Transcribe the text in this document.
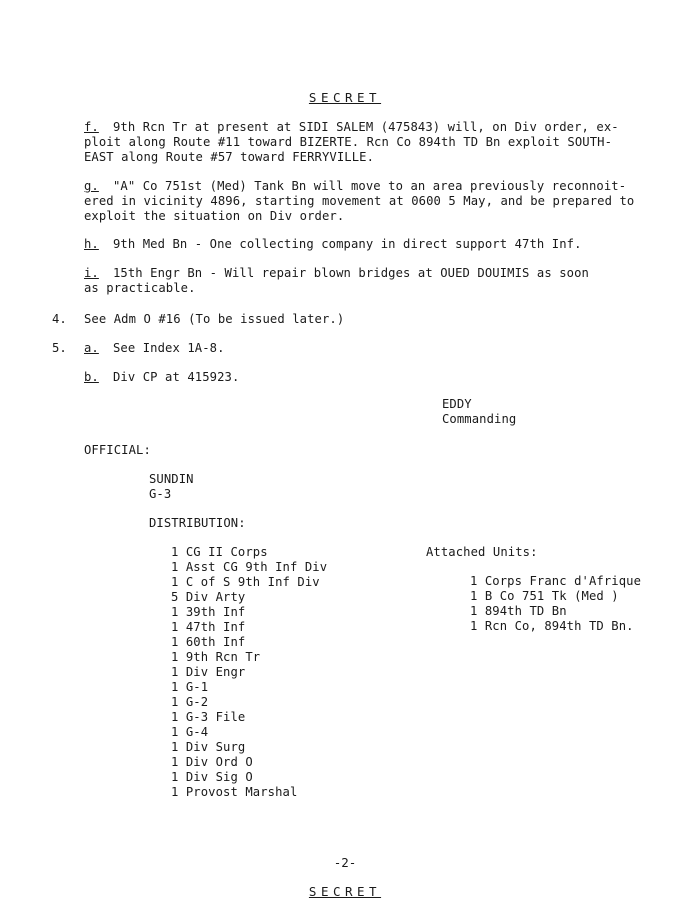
SECRET
f. 9th Rcn Tr at present at SIDI SALEM (475843) will, on Div order, ex-
ploit along Route #11 toward BIZERTE. Rcn Co 894th TD Bn exploit SOUTH-
EAST along Route #57 toward FERRYVILLE.
g. "A" Co 751st (Med) Tank Bn will move to an area previously reconnoit-
ered in vicinity 4896, starting movement at 0600 5 May, and be prepared to
exploit the situation on Div order.
h. 9th Med Bn - One collecting company in direct support 47th Inf.
i. 15th Engr Bn - Will repair blown bridges at OUED DOUIMIS as soon
as practicable.
4. See Adm O #16 (To be issued later.)
5. a. See Index 1A-8.
b. Div CP at 415923.
EDDY
Commanding
OFFICIAL:
SUNDIN
G-3
DISTRIBUTION:
1 CG II Corps
1 Asst CG 9th Inf Div
1 C of S 9th Inf Div
5 Div Arty
1 39th Inf
1 47th Inf
1 60th Inf
1 9th Rcn Tr
1 Div Engr
1 G-1
1 G-2
1 G-3 File
1 G-4
1 Div Surg
1 Div Ord O
1 Div Sig O
1 Provost Marshal
Attached Units:
1 Corps Franc d'Afrique
1 B Co 751 Tk (Med )
1 894th TD Bn
1 Rcn Co, 894th TD Bn.
-2-
SECRET
